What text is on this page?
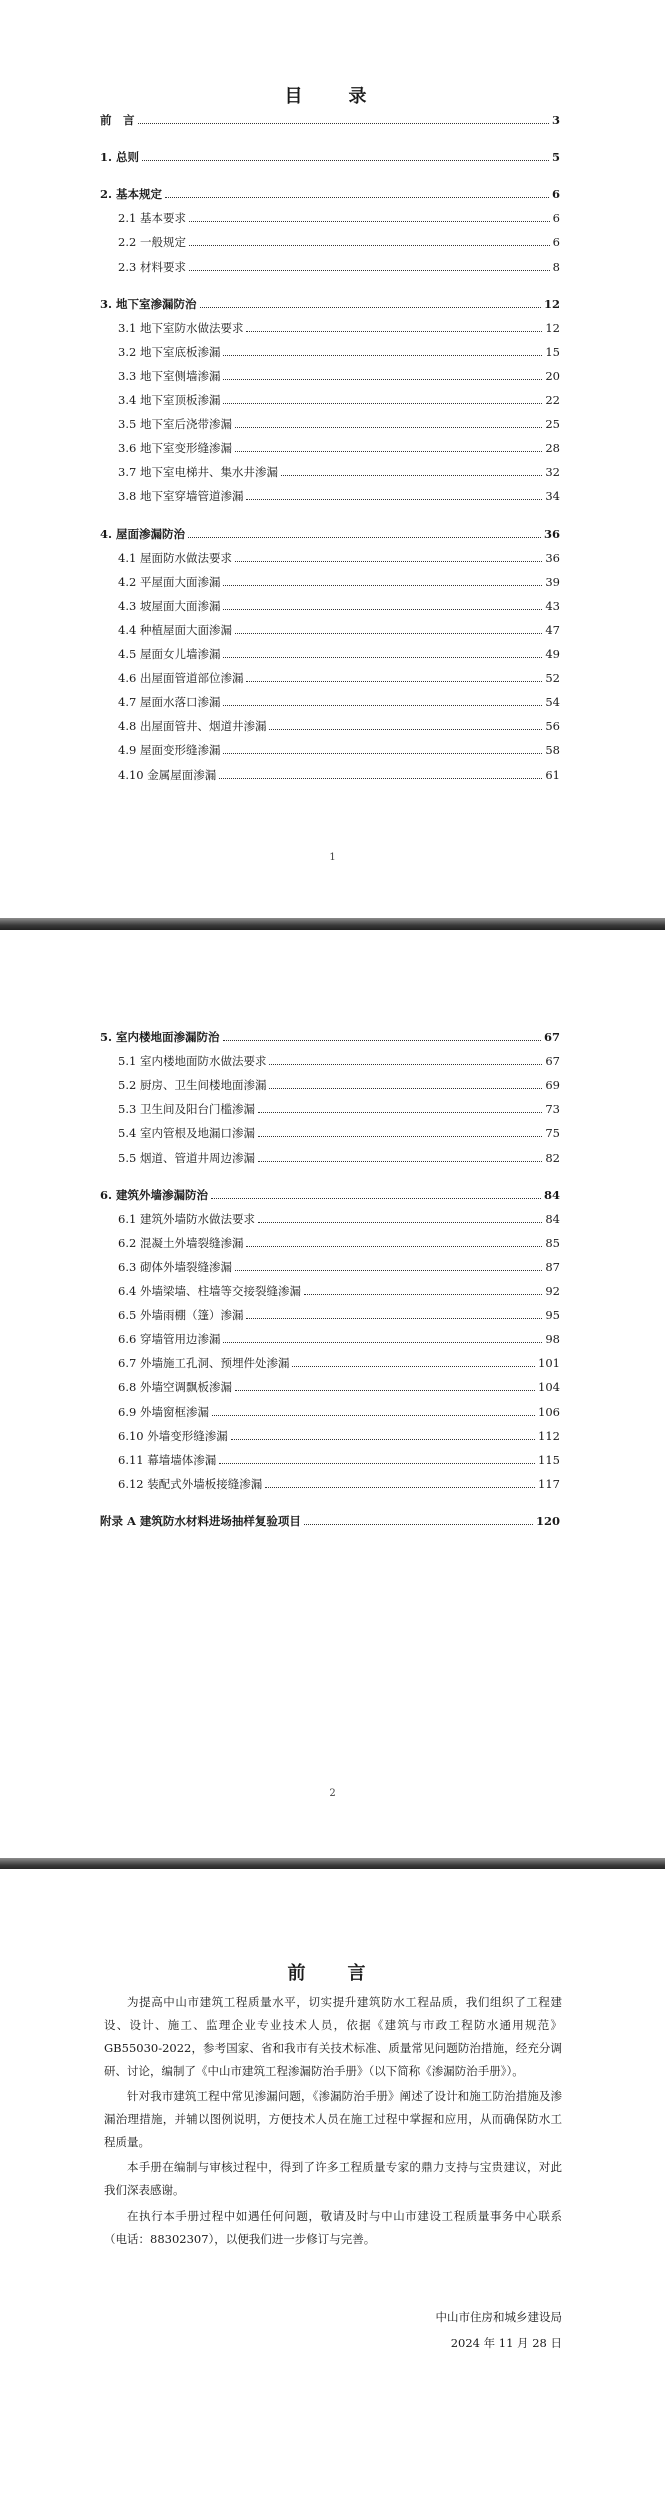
目　录
前　言	3
1. 总则	5
2. 基本规定	6
2.1 基本要求	6
2.2 一般规定	6
2.3 材料要求	8
3. 地下室渗漏防治	12
3.1 地下室防水做法要求	12
3.2 地下室底板渗漏	15
3.3 地下室侧墙渗漏	20
3.4 地下室顶板渗漏	22
3.5 地下室后浇带渗漏	25
3.6 地下室变形缝渗漏	28
3.7 地下室电梯井、集水井渗漏	32
3.8 地下室穿墙管道渗漏	34
4. 屋面渗漏防治	36
4.1 屋面防水做法要求	36
4.2 平屋面大面渗漏	39
4.3 坡屋面大面渗漏	43
4.4 种植屋面大面渗漏	47
4.5 屋面女儿墙渗漏	49
4.6 出屋面管道部位渗漏	52
4.7 屋面水落口渗漏	54
4.8 出屋面管井、烟道井渗漏	56
4.9 屋面变形缝渗漏	58
4.10 金属屋面渗漏	61
1
5. 室内楼地面渗漏防治	67
5.1 室内楼地面防水做法要求	67
5.2 厨房、卫生间楼地面渗漏	69
5.3 卫生间及阳台门槛渗漏	73
5.4 室内管根及地漏口渗漏	75
5.5 烟道、管道井周边渗漏	82
6. 建筑外墙渗漏防治	84
6.1 建筑外墙防水做法要求	84
6.2 混凝土外墙裂缝渗漏	85
6.3 砌体外墙裂缝渗漏	87
6.4 外墙梁墙、柱墙等交接裂缝渗漏	92
6.5 外墙雨棚（篷）渗漏	95
6.6 穿墙管用边渗漏	98
6.7 外墙施工孔洞、预埋件处渗漏	101
6.8 外墙空调飘板渗漏	104
6.9 外墙窗框渗漏	106
6.10 外墙变形缝渗漏	112
6.11 幕墙墙体渗漏	115
6.12 装配式外墙板接缝渗漏	117
附录 A 建筑防水材料进场抽样复验项目	120
2
前　言
为提高中山市建筑工程质量水平，切实提升建筑防水工程品质，我们组织了工程建设、设计、施工、监理企业专业技术人员，依据《建筑与市政工程防水通用规范》GB55030-2022，参考国家、省和我市有关技术标准、质量常见问题防治措施，经充分调研、讨论，编制了《中山市建筑工程渗漏防治手册》（以下简称《渗漏防治手册》）。
针对我市建筑工程中常见渗漏问题，《渗漏防治手册》阐述了设计和施工防治措施及渗漏治理措施，并辅以图例说明，方便技术人员在施工过程中掌握和应用，从而确保防水工程质量。
本手册在编制与审核过程中，得到了许多工程质量专家的鼎力支持与宝贵建议，对此我们深表感谢。
在执行本手册过程中如遇任何问题，敬请及时与中山市建设工程质量事务中心联系（电话：88302307），以便我们进一步修订与完善。
中山市住房和城乡建设局
2024 年 11 月 28 日
